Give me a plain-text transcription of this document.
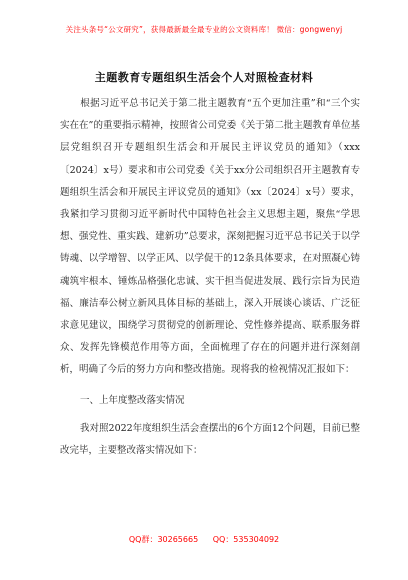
关注头条号“公文研究”，获得最新最全最专业的公文资料库！ 微信：gongwenyj
主题教育专题组织生活会个人对照检查材料

根据习近平总书记关于第二批主题教育“五个更加注重”和“三个实实在在”的重要指示精神，按照省公司党委《关于第二批主题教育单位基层党组织召开专题组织生活会和开展民主评议党员的通知》（xxx〔2024〕x号）要求和市公司党委《关于xx分公司组织召开主题教育专题组织生活会和开展民主评议党员的通知》（xx〔2024〕x号）要求，我紧扣学习贯彻习近平新时代中国特色社会主义思想主题，聚焦“学思想、强党性、重实践、建新功”总要求，深刻把握习近平总书记关于以学铸魂、以学增智、以学正风、以学促干的12条具体要求，在对照凝心铸魂筑牢根本、锤炼品格强化忠诚、实干担当促进发展、践行宗旨为民造福、廉洁奉公树立新风具体目标的基础上，深入开展谈心谈话、广泛征求意见建议，围绕学习贯彻党的创新理论、党性修养提高、联系服务群众、发挥先锋模范作用等方面，全面梳理了存在的问题并进行深刻剖析，明确了今后的努力方向和整改措施。现将我的检视情况汇报如下：

一、上年度整改落实情况

我对照2022年度组织生活会查摆出的6个方面12个问题，目前已整改完毕，主要整改落实情况如下：

QQ群：30265665 QQ：535304092
